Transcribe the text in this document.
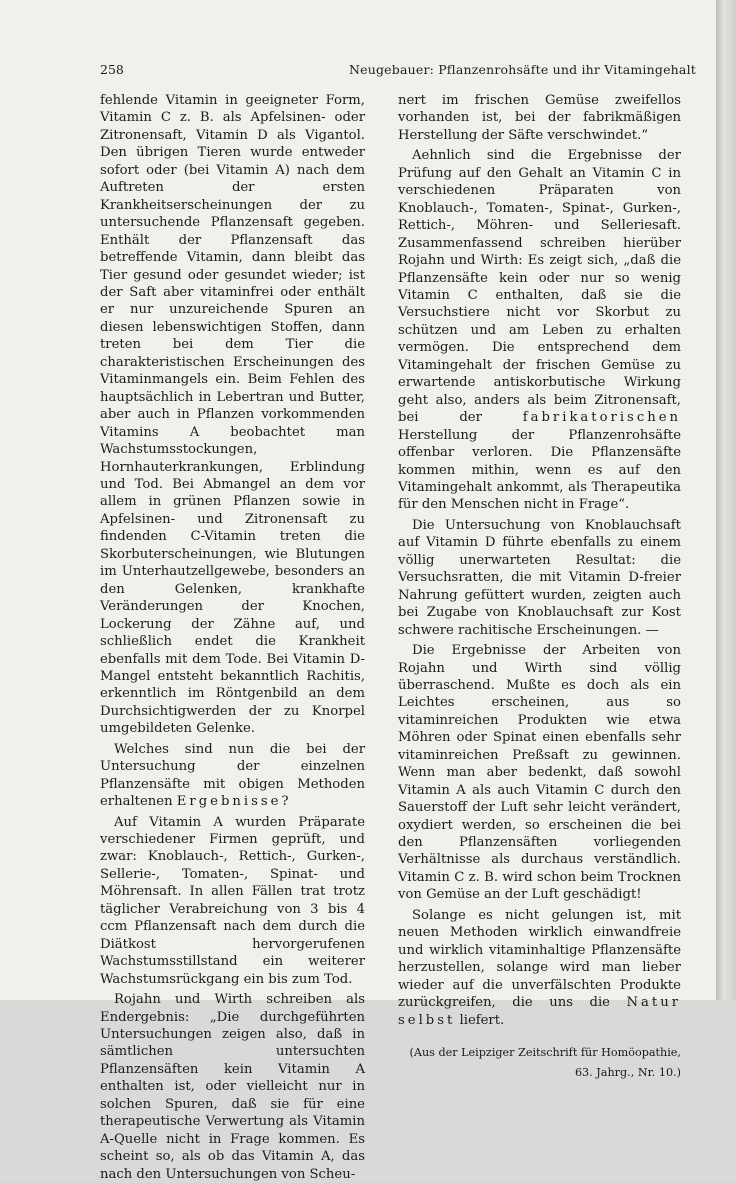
258	Neugebauer: Pflanzenrohsäfte und ihr Vitamingehalt

fehlende Vitamin in geeigneter Form, Vitamin C z. B. als Apfelsinen- oder Zitronensaft, Vitamin D als Vigantol. Den übrigen Tieren wurde entweder sofort oder (bei Vitamin A) nach dem Auftreten der ersten Krankheitserscheinungen der zu untersuchende Pflanzensaft gegeben. Enthält der Pflanzensaft das betreffende Vitamin, dann bleibt das Tier gesund oder gesundet wieder; ist der Saft aber vitaminfrei oder enthält er nur unzureichende Spuren an diesen lebenswichtigen Stoffen, dann treten bei dem Tier die charakteristischen Erscheinungen des Vitaminmangels ein. Beim Fehlen des hauptsächlich in Lebertran und Butter, aber auch in Pflanzen vorkommenden Vitamins A beobachtet man Wachstumsstockungen, Hornhauterkrankungen, Erblindung und Tod. Bei Abmangel an dem vor allem in grünen Pflanzen sowie in Apfelsinen- und Zitronensaft zu findenden C-Vitamin treten die Skorbuterscheinungen, wie Blutungen im Unterhautzellgewebe, besonders an den Gelenken, krankhafte Veränderungen der Knochen, Lockerung der Zähne auf, und schließlich endet die Krankheit ebenfalls mit dem Tode. Bei Vitamin D-Mangel entsteht bekanntlich Rachitis, erkenntlich im Röntgenbild an dem Durchsichtigwerden der zu Knorpel umgebildeten Gelenke.

Welches sind nun die bei der Untersuchung der einzelnen Pflanzensäfte mit obigen Methoden erhaltenen Ergebnisse?

Auf Vitamin A wurden Präparate verschiedener Firmen geprüft, und zwar: Knoblauch-, Rettich-, Gurken-, Sellerie-, Tomaten-, Spinat- und Möhrensaft. In allen Fällen trat trotz täglicher Verabreichung von 3 bis 4 ccm Pflanzensaft nach dem durch die Diätkost hervorgerufenen Wachstumsstillstand ein weiterer Wachstumsrückgang ein bis zum Tod.

Rojahn und Wirth schreiben als Endergebnis: „Die durchgeführten Untersuchungen zeigen also, daß in sämtlichen untersuchten Pflanzensäften kein Vitamin A enthalten ist, oder vielleicht nur in solchen Spuren, daß sie für eine therapeutische Verwertung als Vitamin A-Quelle nicht in Frage kommen. Es scheint so, als ob das Vitamin A, das nach den Untersuchungen von Scheu-

nert im frischen Gemüse zweifellos vorhanden ist, bei der fabrikmäßigen Herstellung der Säfte verschwindet.“

Aehnlich sind die Ergebnisse der Prüfung auf den Gehalt an Vitamin C in verschiedenen Präparaten von Knoblauch-, Tomaten-, Spinat-, Gurken-, Rettich-, Möhren- und Selleriesaft. Zusammenfassend schreiben hierüber Rojahn und Wirth: Es zeigt sich, „daß die Pflanzensäfte kein oder nur so wenig Vitamin C enthalten, daß sie die Versuchstiere nicht vor Skorbut zu schützen und am Leben zu erhalten vermögen. Die entsprechend dem Vitamingehalt der frischen Gemüse zu erwartende antiskorbutische Wirkung geht also, anders als beim Zitronensaft, bei der fabrikatorischen Herstellung der Pflanzenrohsäfte offenbar verloren. Die Pflanzensäfte kommen mithin, wenn es auf den Vitamingehalt ankommt, als Therapeutika für den Menschen nicht in Frage“.

Die Untersuchung von Knoblauchsaft auf Vitamin D führte ebenfalls zu einem völlig unerwarteten Resultat: die Versuchsratten, die mit Vitamin D-freier Nahrung gefüttert wurden, zeigten auch bei Zugabe von Knoblauchsaft zur Kost schwere rachitische Erscheinungen. —

Die Ergebnisse der Arbeiten von Rojahn und Wirth sind völlig überraschend. Mußte es doch als ein Leichtes erscheinen, aus so vitaminreichen Produkten wie etwa Möhren oder Spinat einen ebenfalls sehr vitaminreichen Preßsaft zu gewinnen. Wenn man aber bedenkt, daß sowohl Vitamin A als auch Vitamin C durch den Sauerstoff der Luft sehr leicht verändert, oxydiert werden, so erscheinen die bei den Pflanzensäften vorliegenden Verhältnisse als durchaus verständlich. Vitamin C z. B. wird schon beim Trocknen von Gemüse an der Luft geschädigt!

Solange es nicht gelungen ist, mit neuen Methoden wirklich einwandfreie und wirklich vitaminhaltige Pflanzensäfte herzustellen, solange wird man lieber wieder auf die unverfälschten Produkte zurückgreifen, die uns die Natur selbst liefert.

(Aus der Leipziger Zeitschrift für Homöopathie,
63. Jahrg., Nr. 10.)
